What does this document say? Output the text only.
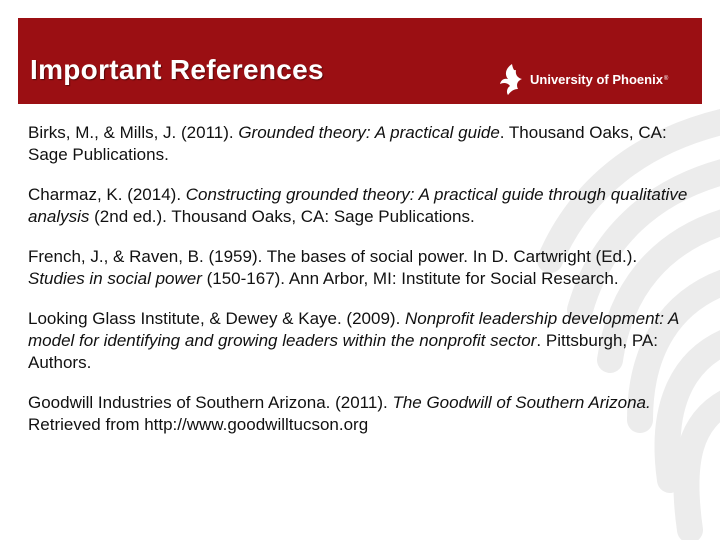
Important References	University of Phoenix ®

Birks, M., & Mills, J. (2011). Grounded theory: A practical guide. Thousand Oaks, CA: Sage Publications.

Charmaz, K. (2014). Constructing grounded theory: A practical guide through qualitative analysis (2nd ed.). Thousand Oaks, CA: Sage Publications.

French, J., & Raven, B. (1959). The bases of social power. In D. Cartwright (Ed.). Studies in social power (150-167). Ann Arbor, MI: Institute for Social Research.

Looking Glass Institute, & Dewey & Kaye. (2009). Nonprofit leadership development: A model for identifying and growing leaders within the nonprofit sector. Pittsburgh, PA: Authors.

Goodwill Industries of Southern Arizona. (2011). The Goodwill of Southern Arizona. Retrieved from http://www.goodwilltucson.org
